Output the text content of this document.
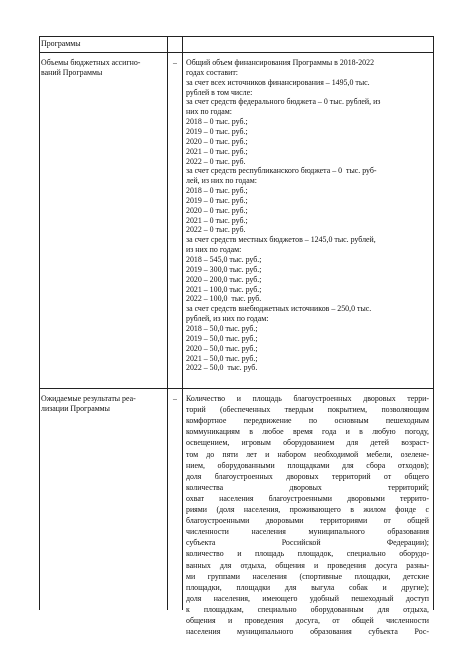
Программы
Объемы бюджетных ассигно-
ваний Программы
–	Общий объем финансирования Программы в 2018-2022
годах составит:
за счет всех источников финансирования – 1495,0 тыс.
рублей в том числе:
за счет средств федерального бюджета – 0 тыс. рублей, из
них по годам:
2018 – 0 тыс. руб.;
2019 – 0 тыс. руб.;
2020 – 0 тыс. руб.;
2021 – 0 тыс. руб.;
2022 – 0 тыс. руб.
за счет средств республиканского бюджета – 0  тыс. руб-
лей, из них по годам:
2018 – 0 тыс. руб.;
2019 – 0 тыс. руб.;
2020 – 0 тыс. руб.;
2021 – 0 тыс. руб.;
2022 – 0 тыс. руб.
за счет средств местных бюджетов – 1245,0 тыс. рублей,
из них по годам:
2018 – 545,0 тыс. руб.;
2019 – 300,0 тыс. руб.;
2020 – 200,0 тыс. руб.;
2021 – 100,0 тыс. руб.;
2022 – 100,0  тыс. руб.
за счет средств внебюджетных источников – 250,0 тыс.
рублей, из них по годам:
2018 – 50,0 тыс. руб.;
2019 – 50,0 тыс. руб.;
2020 – 50,0 тыс. руб.;
2021 – 50,0 тыс. руб.;
2022 – 50,0  тыс. руб.
Ожидаемые результаты реа-
лизации Программы
–	Количество и площадь благоустроенных дворовых терри-
торий (обеспеченных твердым покрытием, позволяющим
комфортное передвижение по основным пешеходным
коммуникациям в любое время года и в любую погоду,
освещением, игровым оборудованием для детей возраст-
том до пяти лет и набором необходимой мебели, озелене-
нием, оборудованными площадками для сбора отходов);
доля благоустроенных дворовых территорий от общего
количества дворовых территорий;
охват населения благоустроенными дворовыми террито-
риями (доля населения, проживающего в жилом фонде с
благоустроенными дворовыми территориями от общей
численности населения муниципального образования
субъекта Российской Федерации);
количество и площадь площадок, специально оборудо-
ванных для отдыха, общения и проведения досуга разны-
ми группами населения (спортивные площадки, детские
площадки, площадки для выгула собак и другие);
доля населения, имеющего удобный пешеходный доступ
к площадкам, специально оборудованным для отдыха,
общения и проведения досуга, от общей численности
населения муниципального образования субъекта Рос-
